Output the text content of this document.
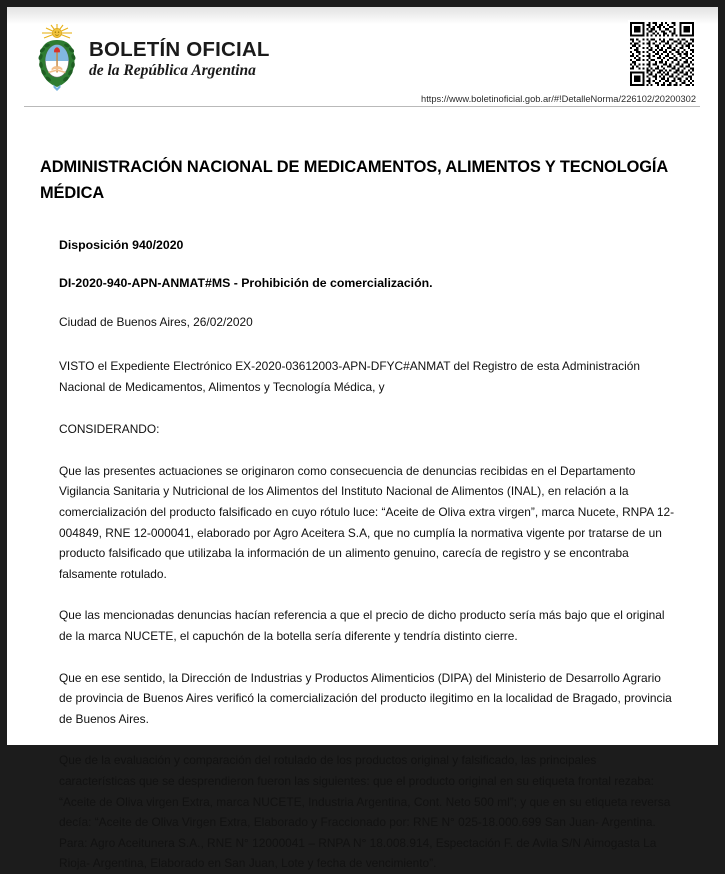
BOLETÍN OFICIAL
de la República Argentina
https://www.boletinoficial.gob.ar/#!DetalleNorma/226102/20200302
ADMINISTRACIÓN NACIONAL DE MEDICAMENTOS, ALIMENTOS Y TECNOLOGÍA MÉDICA

Disposición 940/2020

DI-2020-940-APN-ANMAT#MS - Prohibición de comercialización.

Ciudad de Buenos Aires, 26/02/2020

VISTO el Expediente Electrónico EX-2020-03612003-APN-DFYC#ANMAT del Registro de esta Administración Nacional de Medicamentos, Alimentos y Tecnología Médica, y

CONSIDERANDO:

Que las presentes actuaciones se originaron como consecuencia de denuncias recibidas en el Departamento Vigilancia Sanitaria y Nutricional de los Alimentos del Instituto Nacional de Alimentos (INAL), en relación a la comercialización del producto falsificado en cuyo rótulo luce: “Aceite de Oliva extra virgen”, marca Nucete, RNPA 12-004849, RNE 12-000041, elaborado por Agro Aceitera S.A, que no cumplía la normativa vigente por tratarse de un producto falsificado que utilizaba la información de un alimento genuino, carecía de registro y se encontraba falsamente rotulado.

Que las mencionadas denuncias hacían referencia a que el precio de dicho producto sería más bajo que el original de la marca NUCETE, el capuchón de la botella sería diferente y tendría distinto cierre.

Que en ese sentido, la Dirección de Industrias y Productos Alimenticios (DIPA) del Ministerio de Desarrollo Agrario de provincia de Buenos Aires verificó la comercialización del producto ilegitimo en la localidad de Bragado, provincia de Buenos Aires.

Que de la evaluación y comparación del rotulado de los productos original y falsificado, las principales características que se desprendieron fueron las siguientes: que el producto original en su etiqueta frontal rezaba: “Aceite de Oliva virgen Extra, marca NUCETE, Industria Argentina, Cont. Neto 500 ml”; y que en su etiqueta reversa decía: “Aceite de Oliva Virgen Extra, Elaborado y Fraccionado por: RNE N° 025-18.000.699 San Juan- Argentina. Para: Agro Aceitunera S.A., RNE N° 12000041 – RNPA N° 18.008.914, Espectación F. de Avila S/N Aimogasta La Rioja- Argentina, Elaborado en San Juan, Lote y fecha de vencimiento”.
